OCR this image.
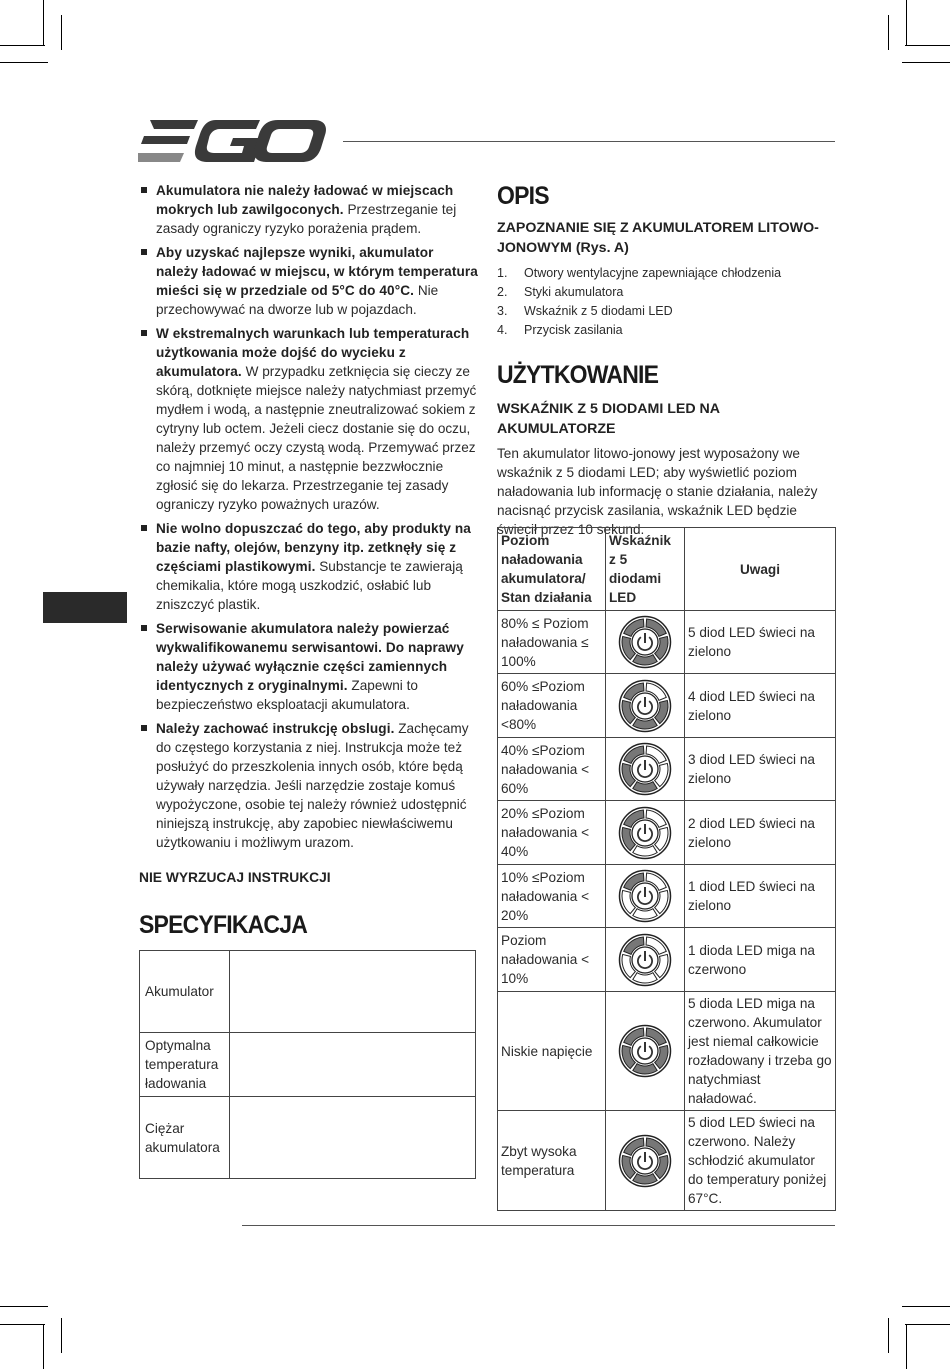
Akumulatora nie należy ładować w miejscach mokrych lub zawilgoconych. Przestrzeganie tej zasady ograniczy ryzyko porażenia prądem.
Aby uzyskać najlepsze wyniki, akumulator należy ładować w miejscu, w którym temperatura mieści się w przedziale od 5°C do 40°C. Nie przechowywać na dworze lub w pojazdach.
W ekstremalnych warunkach lub temperaturach użytkowania może dojść do wycieku z akumulatora. W przypadku zetknięcia się cieczy ze skórą, dotknięte miejsce należy natychmiast przemyć mydłem i wodą, a następnie zneutralizować sokiem z cytryny lub octem. Jeżeli ciecz dostanie się do oczu, należy przemyć oczy czystą wodą. Przemywać przez co najmniej 10 minut, a następnie bezzwłocznie zgłosić się do lekarza. Przestrzeganie tej zasady ograniczy ryzyko poważnych urazów.
Nie wolno dopuszczać do tego, aby produkty na bazie nafty, olejów, benzyny itp. zetknęły się z częściami plastikowymi. Substancje te zawierają chemikalia, które mogą uszkodzić, osłabić lub zniszczyć plastik.
Serwisowanie akumulatora należy powierzać wykwalifikowanemu serwisantowi. Do naprawy należy używać wyłącznie części zamiennych identycznych z oryginalnymi. Zapewni to bezpieczeństwo eksploatacji akumulatora.
Należy zachować instrukcję obslugi. Zachęcamy do częstego korzystania z niej. Instrukcja może też posłużyć do przeszkolenia innych osób, które będą używały narzędzia. Jeśli narzędzie zostaje komuś wypożyczone, osobie tej należy również udostępnić niniejszą instrukcję, aby zapobiec niewłaściwemu użytkowaniu i możliwym urazom.
NIE WYRZUCAJ INSTRUKCJI
SPECYFIKACJA
Akumulator	
Optymalna temperatura ładowania	
Ciężar akumulatora	
OPIS
ZAPOZNANIE SIĘ Z AKUMULATOREM LITOWO-JONOWYM (Rys. A)
1.	Otwory wentylacyjne zapewniające chłodzenia
2.	Styki akumulatora
3.	Wskaźnik z 5 diodami LED
4.	Przycisk zasilania
UŻYTKOWANIE
WSKAŹNIK Z 5 DIODAMI LED NA AKUMULATORZE
Ten akumulator litowo-jonowy jest wyposażony we wskaźnik z 5 diodami LED; aby wyświetlić poziom naładowania lub informację o stanie działania, należy nacisnąć przycisk zasilania, wskaźnik LED będzie świecił przez 10 sekund.
Poziom naładowania akumulatora/ Stan działania	Wskaźnik z 5 diodami LED	Uwagi
80% ≤ Poziom naładowania ≤ 100%		5 diod LED świeci na zielono
60% ≤Poziom naładowania <80%		4 diod LED świeci na zielono
40% ≤Poziom naładowania < 60%		3 diod LED świeci na zielono
20% ≤Poziom naładowania < 40%		2 diod LED świeci na zielono
10% ≤Poziom naładowania < 20%		1 diod LED świeci na zielono
Poziom naładowania < 10%		1 dioda LED miga na czerwono
Niskie napięcie		5 dioda LED miga na czerwono. Akumulator jest niemal całkowicie rozładowany i trzeba go natychmiast naładować.
Zbyt wysoka temperatura		5 diod LED świeci na czerwono. Należy schłodzić akumulator do temperatury poniżej 67°C.
